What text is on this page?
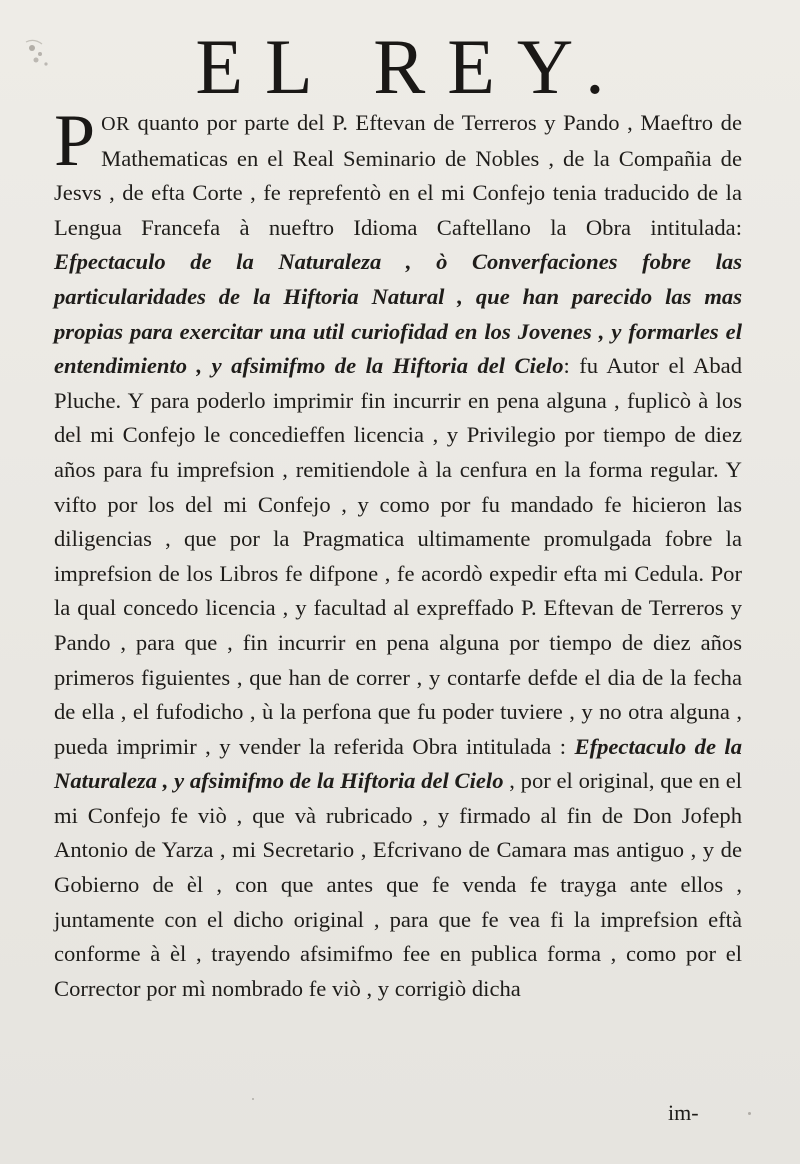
EL REY.
POR quanto por parte del P. Eftevan de Terreros y Pando , Maeftro de Mathematicas en el Real Seminario de Nobles , de la Compañia de Jesvs , de efta Corte , fe reprefentò en el mi Confejo tenia traducido de la Lengua Francefa à nueftro Idioma Caftellano la Obra intitulada: Efpectaculo de la Naturaleza , ò Converfaciones fobre las particularidades de la Hiftoria Natural , que han parecido las mas propias para exercitar una util curiofidad en los Jovenes , y formarles el entendimiento , y afsimifmo de la Hiftoria del Cielo: fu Autor el Abad Pluche. Y para poderlo imprimir fin incurrir en pena alguna , fuplicò à los del mi Confejo le concedieffen licencia , y Privilegio por tiempo de diez años para fu imprefsion , remitiendole à la cenfura en la forma regular. Y vifto por los del mi Confejo , y como por fu mandado fe hicieron las diligencias , que por la Pragmatica ultimamente promulgada fobre la imprefsion de los Libros fe difpone , fe acordò expedir efta mi Cedula. Por la qual concedo licencia , y facultad al expreffado P. Eftevan de Terreros y Pando , para que , fin incurrir en pena alguna por tiempo de diez años primeros figuientes , que han de correr , y contarfe defde el dia de la fecha de ella , el fufodicho , ù la perfona que fu poder tuviere , y no otra alguna , pueda imprimir , y vender la referida Obra intitulada : Efpectaculo de la Naturaleza , y afsimifmo de la Hiftoria del Cielo , por el original, que en el mi Confejo fe viò , que và rubricado , y firmado al fin de Don Jofeph Antonio de Yarza , mi Secretario , Efcrivano de Camara mas antiguo , y de Gobierno de èl , con que antes que fe venda fe trayga ante ellos , juntamente con el dicho original , para que fe vea fi la imprefsion eftà conforme à èl , trayendo afsimifmo fee en publica forma , como por el Corrector por mì nombrado fe viò , y corrigiò dicha
im-
